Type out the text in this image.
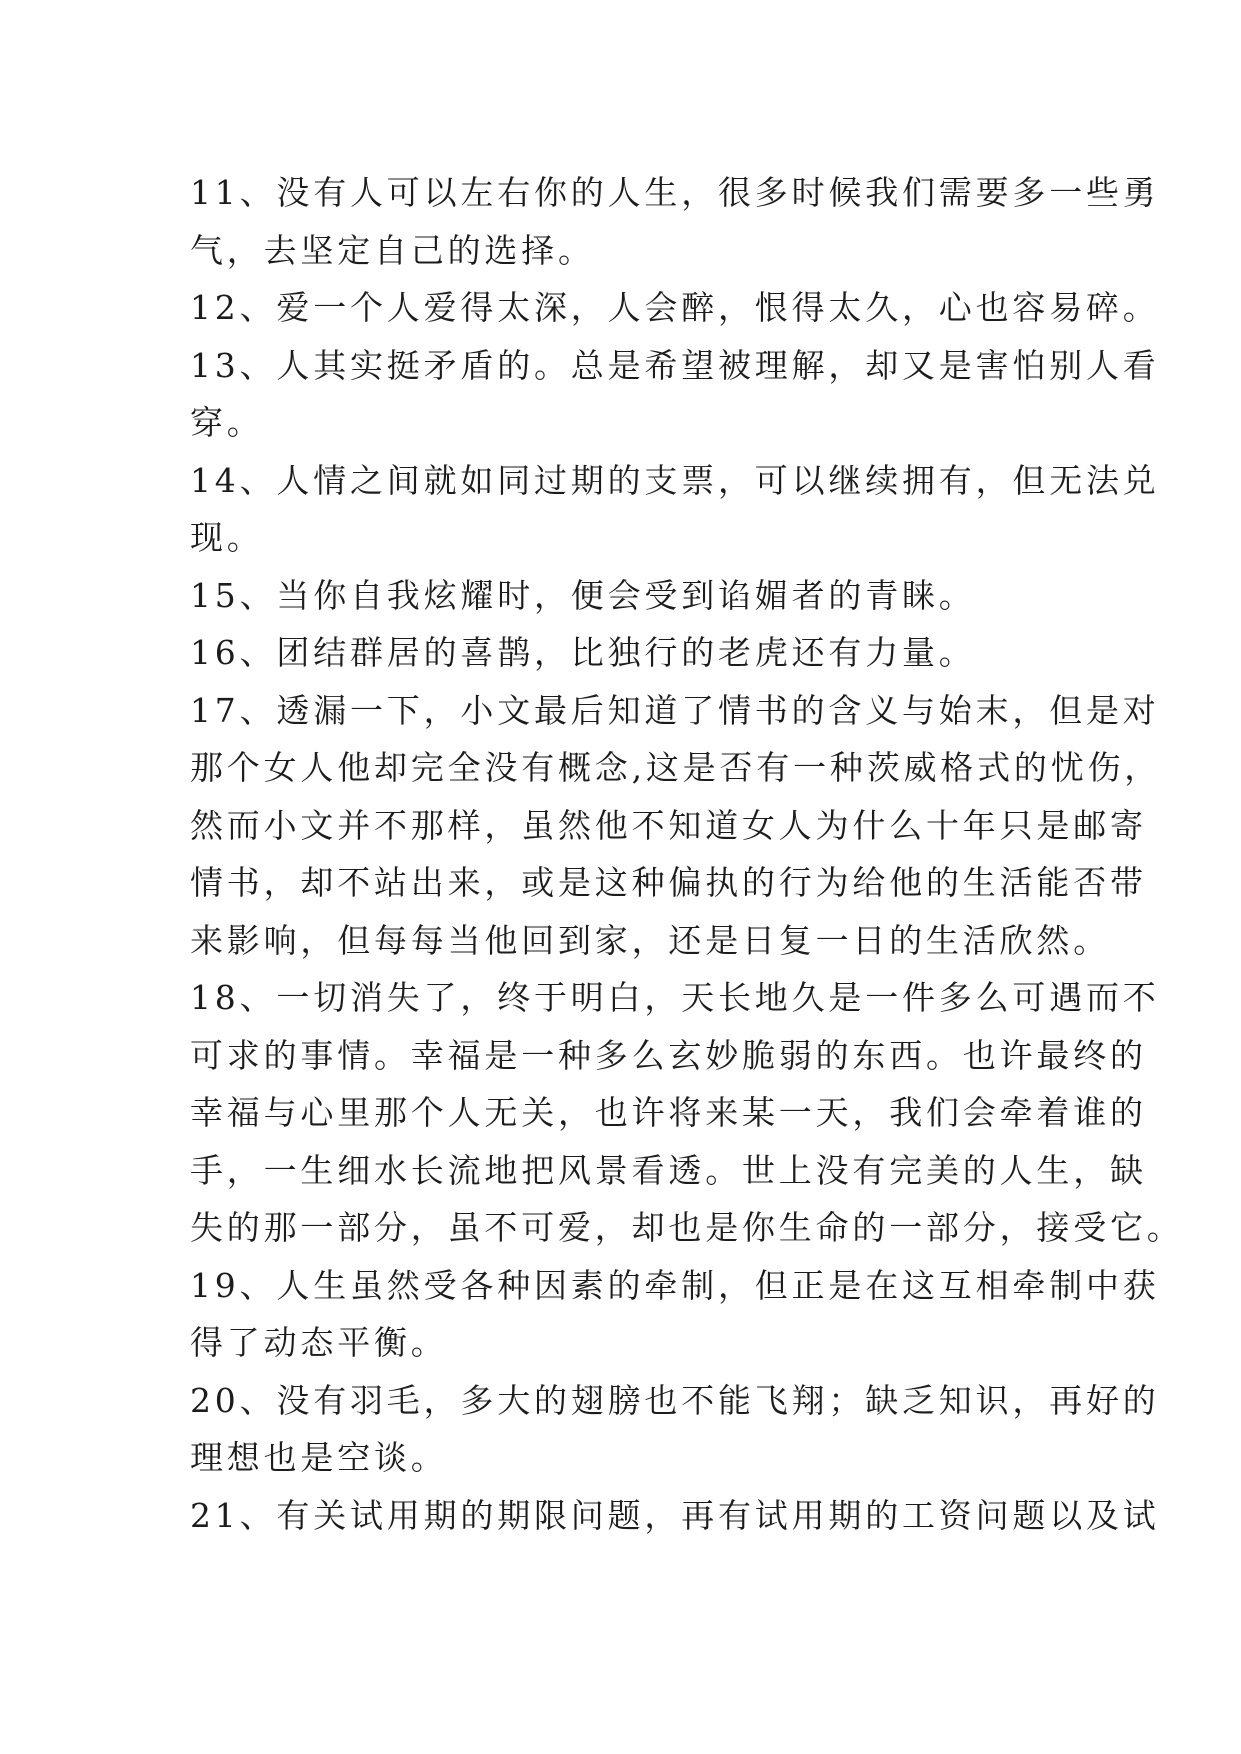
11、没有人可以左右你的人生，很多时候我们需要多一些勇

气，去坚定自己的选择。

12、爱一个人爱得太深，人会醉，恨得太久，心也容易碎。

13、人其实挺矛盾的。总是希望被理解，却又是害怕别人看

穿。

14、人情之间就如同过期的支票，可以继续拥有，但无法兑

现。

15、当你自我炫耀时，便会受到谄媚者的青睐。

16、团结群居的喜鹊，比独行的老虎还有力量。

17、透漏一下，小文最后知道了情书的含义与始末，但是对

那个女人他却完全没有概念,这是否有一种茨威格式的忧伤，

然而小文并不那样，虽然他不知道女人为什么十年只是邮寄

情书，却不站出来，或是这种偏执的行为给他的生活能否带

来影响，但每每当他回到家，还是日复一日的生活欣然。

18、一切消失了，终于明白，天长地久是一件多么可遇而不

可求的事情。幸福是一种多么玄妙脆弱的东西。也许最终的

幸福与心里那个人无关，也许将来某一天，我们会牵着谁的

手，一生细水长流地把风景看透。世上没有完美的人生，缺

失的那一部分，虽不可爱，却也是你生命的一部分，接受它。

19、人生虽然受各种因素的牵制，但正是在这互相牵制中获

得了动态平衡。

20、没有羽毛，多大的翅膀也不能飞翔；缺乏知识，再好的

理想也是空谈。

21、有关试用期的期限问题，再有试用期的工资问题以及试
